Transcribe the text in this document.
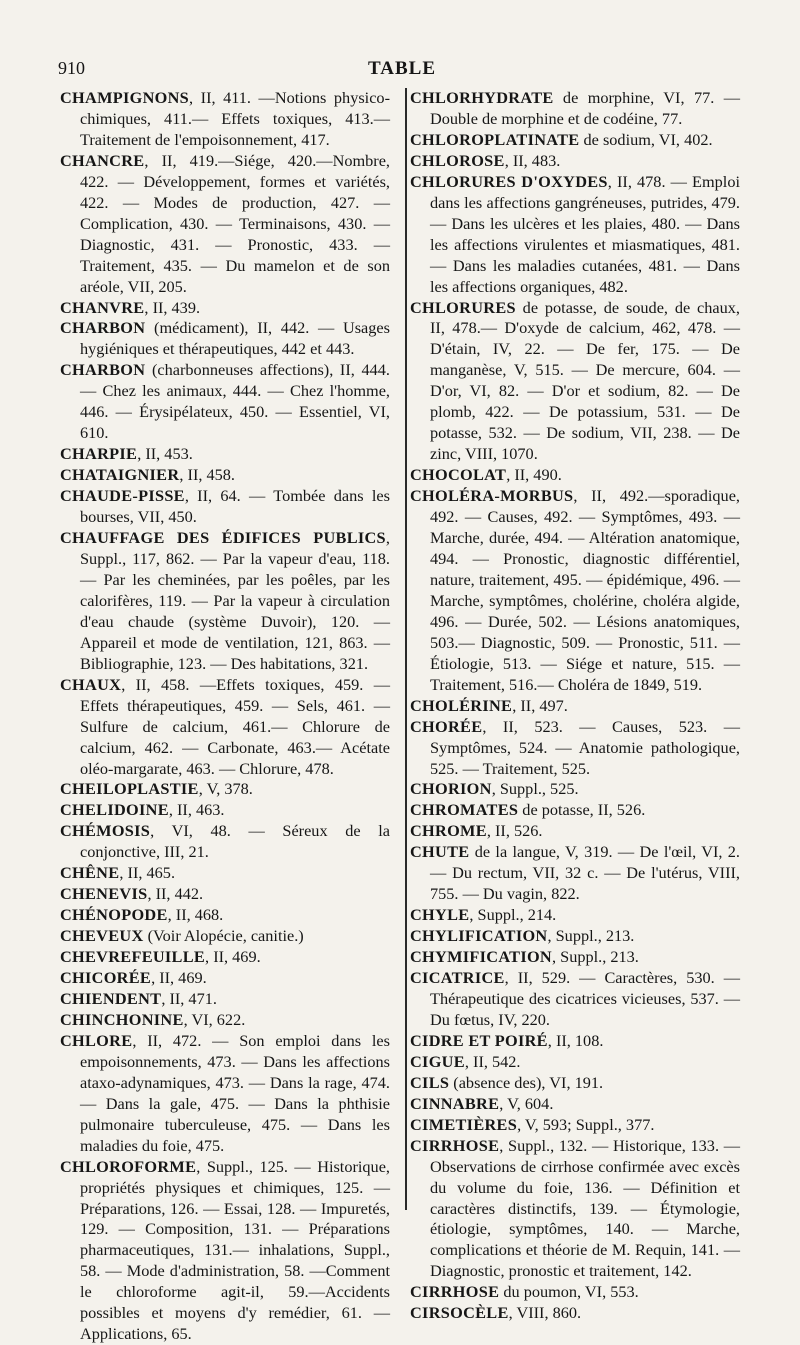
910	TABLE

CHAMPIGNONS, II, 411. —Notions physico-chimiques, 411.— Effets toxiques, 413.— Traitement de l'empoisonnement, 417.

CHANCRE, II, 419.—Siége, 420.—Nombre, 422. — Développement, formes et variétés, 422. — Modes de production, 427. — Complication, 430. — Terminaisons, 430. — Diagnostic, 431. — Pronostic, 433. — Traitement, 435. — Du mamelon et de son aréole, VII, 205.

CHANVRE, II, 439.

CHARBON (médicament), II, 442. — Usages hygiéniques et thérapeutiques, 442 et 443.

CHARBON (charbonneuses affections), II, 444. — Chez les animaux, 444. — Chez l'homme, 446. — Érysipélateux, 450. — Essentiel, VI, 610.

CHARPIE, II, 453.

CHATAIGNIER, II, 458.

CHAUDE-PISSE, II, 64. — Tombée dans les bourses, VII, 450.

CHAUFFAGE DES ÉDIFICES PUBLICS, Suppl., 117, 862. — Par la vapeur d'eau, 118. — Par les cheminées, par les poêles, par les calorifères, 119. — Par la vapeur à circulation d'eau chaude (système Duvoir), 120. — Appareil et mode de ventilation, 121, 863. — Bibliographie, 123. — Des habitations, 321.

CHAUX, II, 458. —Effets toxiques, 459. — Effets thérapeutiques, 459. — Sels, 461. — Sulfure de calcium, 461.— Chlorure de calcium, 462. — Carbonate, 463.— Acétate oléo-margarate, 463. — Chlorure, 478.

CHEILOPLASTIE, V, 378.

CHELIDOINE, II, 463.

CHÉMOSIS, VI, 48. — Séreux de la conjonctive, III, 21.

CHÊNE, II, 465.

CHENEVIS, II, 442.

CHÉNOPODE, II, 468.

CHEVEUX (Voir Alopécie, canitie.)

CHEVREFEUILLE, II, 469.

CHICORÉE, II, 469.

CHIENDENT, II, 471.

CHINCHONINE, VI, 622.

CHLORE, II, 472. — Son emploi dans les empoisonnements, 473. — Dans les affections ataxo-adynamiques, 473. — Dans la rage, 474. — Dans la gale, 475. — Dans la phthisie pulmonaire tuberculeuse, 475. — Dans les maladies du foie, 475.

CHLOROFORME, Suppl., 125. — Historique, propriétés physiques et chimiques, 125. — Préparations, 126. — Essai, 128. — Impuretés, 129. — Composition, 131. — Préparations pharmaceutiques, 131.— inhalations, Suppl., 58. — Mode d'administration, 58. —Comment le chloroforme agit-il, 59.—Accidents possibles et moyens d'y remédier, 61. — Applications, 65.

CHLORHYDRATE de morphine, VI, 77. — Double de morphine et de codéine, 77.

CHLOROPLATINATE de sodium, VI, 402.

CHLOROSE, II, 483.

CHLORURES D'OXYDES, II, 478. — Emploi dans les affections gangréneuses, putrides, 479. — Dans les ulcères et les plaies, 480. — Dans les affections virulentes et miasmatiques, 481. — Dans les maladies cutanées, 481. — Dans les affections organiques, 482.

CHLORURES de potasse, de soude, de chaux, II, 478.— D'oxyde de calcium, 462, 478. — D'étain, IV, 22. — De fer, 175. — De manganèse, V, 515. — De mercure, 604. — D'or, VI, 82. — D'or et sodium, 82. — De plomb, 422. — De potassium, 531. — De potasse, 532. — De sodium, VII, 238. — De zinc, VIII, 1070.

CHOCOLAT, II, 490.

CHOLÉRA-MORBUS, II, 492.—sporadique, 492. — Causes, 492. — Symptômes, 493. — Marche, durée, 494. — Altération anatomique, 494. — Pronostic, diagnostic différentiel, nature, traitement, 495. — épidémique, 496. — Marche, symptômes, cholérine, choléra algide, 496. — Durée, 502. — Lésions anatomiques, 503.— Diagnostic, 509. — Pronostic, 511. — Étiologie, 513. — Siége et nature, 515. — Traitement, 516.— Choléra de 1849, 519.

CHOLÉRINE, II, 497.

CHORÉE, II, 523. — Causes, 523. — Symptômes, 524. — Anatomie pathologique, 525. — Traitement, 525.

CHORION, Suppl., 525.

CHROMATES de potasse, II, 526.

CHROME, II, 526.

CHUTE de la langue, V, 319. — De l'œil, VI, 2. — Du rectum, VII, 32 c. — De l'utérus, VIII, 755. — Du vagin, 822.

CHYLE, Suppl., 214.

CHYLIFICATION, Suppl., 213.

CHYMIFICATION, Suppl., 213.

CICATRICE, II, 529. — Caractères, 530. — Thérapeutique des cicatrices vicieuses, 537. — Du fœtus, IV, 220.

CIDRE ET POIRÉ, II, 108.

CIGUE, II, 542.

CILS (absence des), VI, 191.

CINNABRE, V, 604.

CIMETIÈRES, V, 593; Suppl., 377.

CIRRHOSE, Suppl., 132. — Historique, 133. — Observations de cirrhose confirmée avec excès du volume du foie, 136. — Définition et caractères distinctifs, 139. — Étymologie, étiologie, symptômes, 140. — Marche, complications et théorie de M. Requin, 141. — Diagnostic, pronostic et traitement, 142.

CIRRHOSE du poumon, VI, 553.

CIRSOCÈLE, VIII, 860.
